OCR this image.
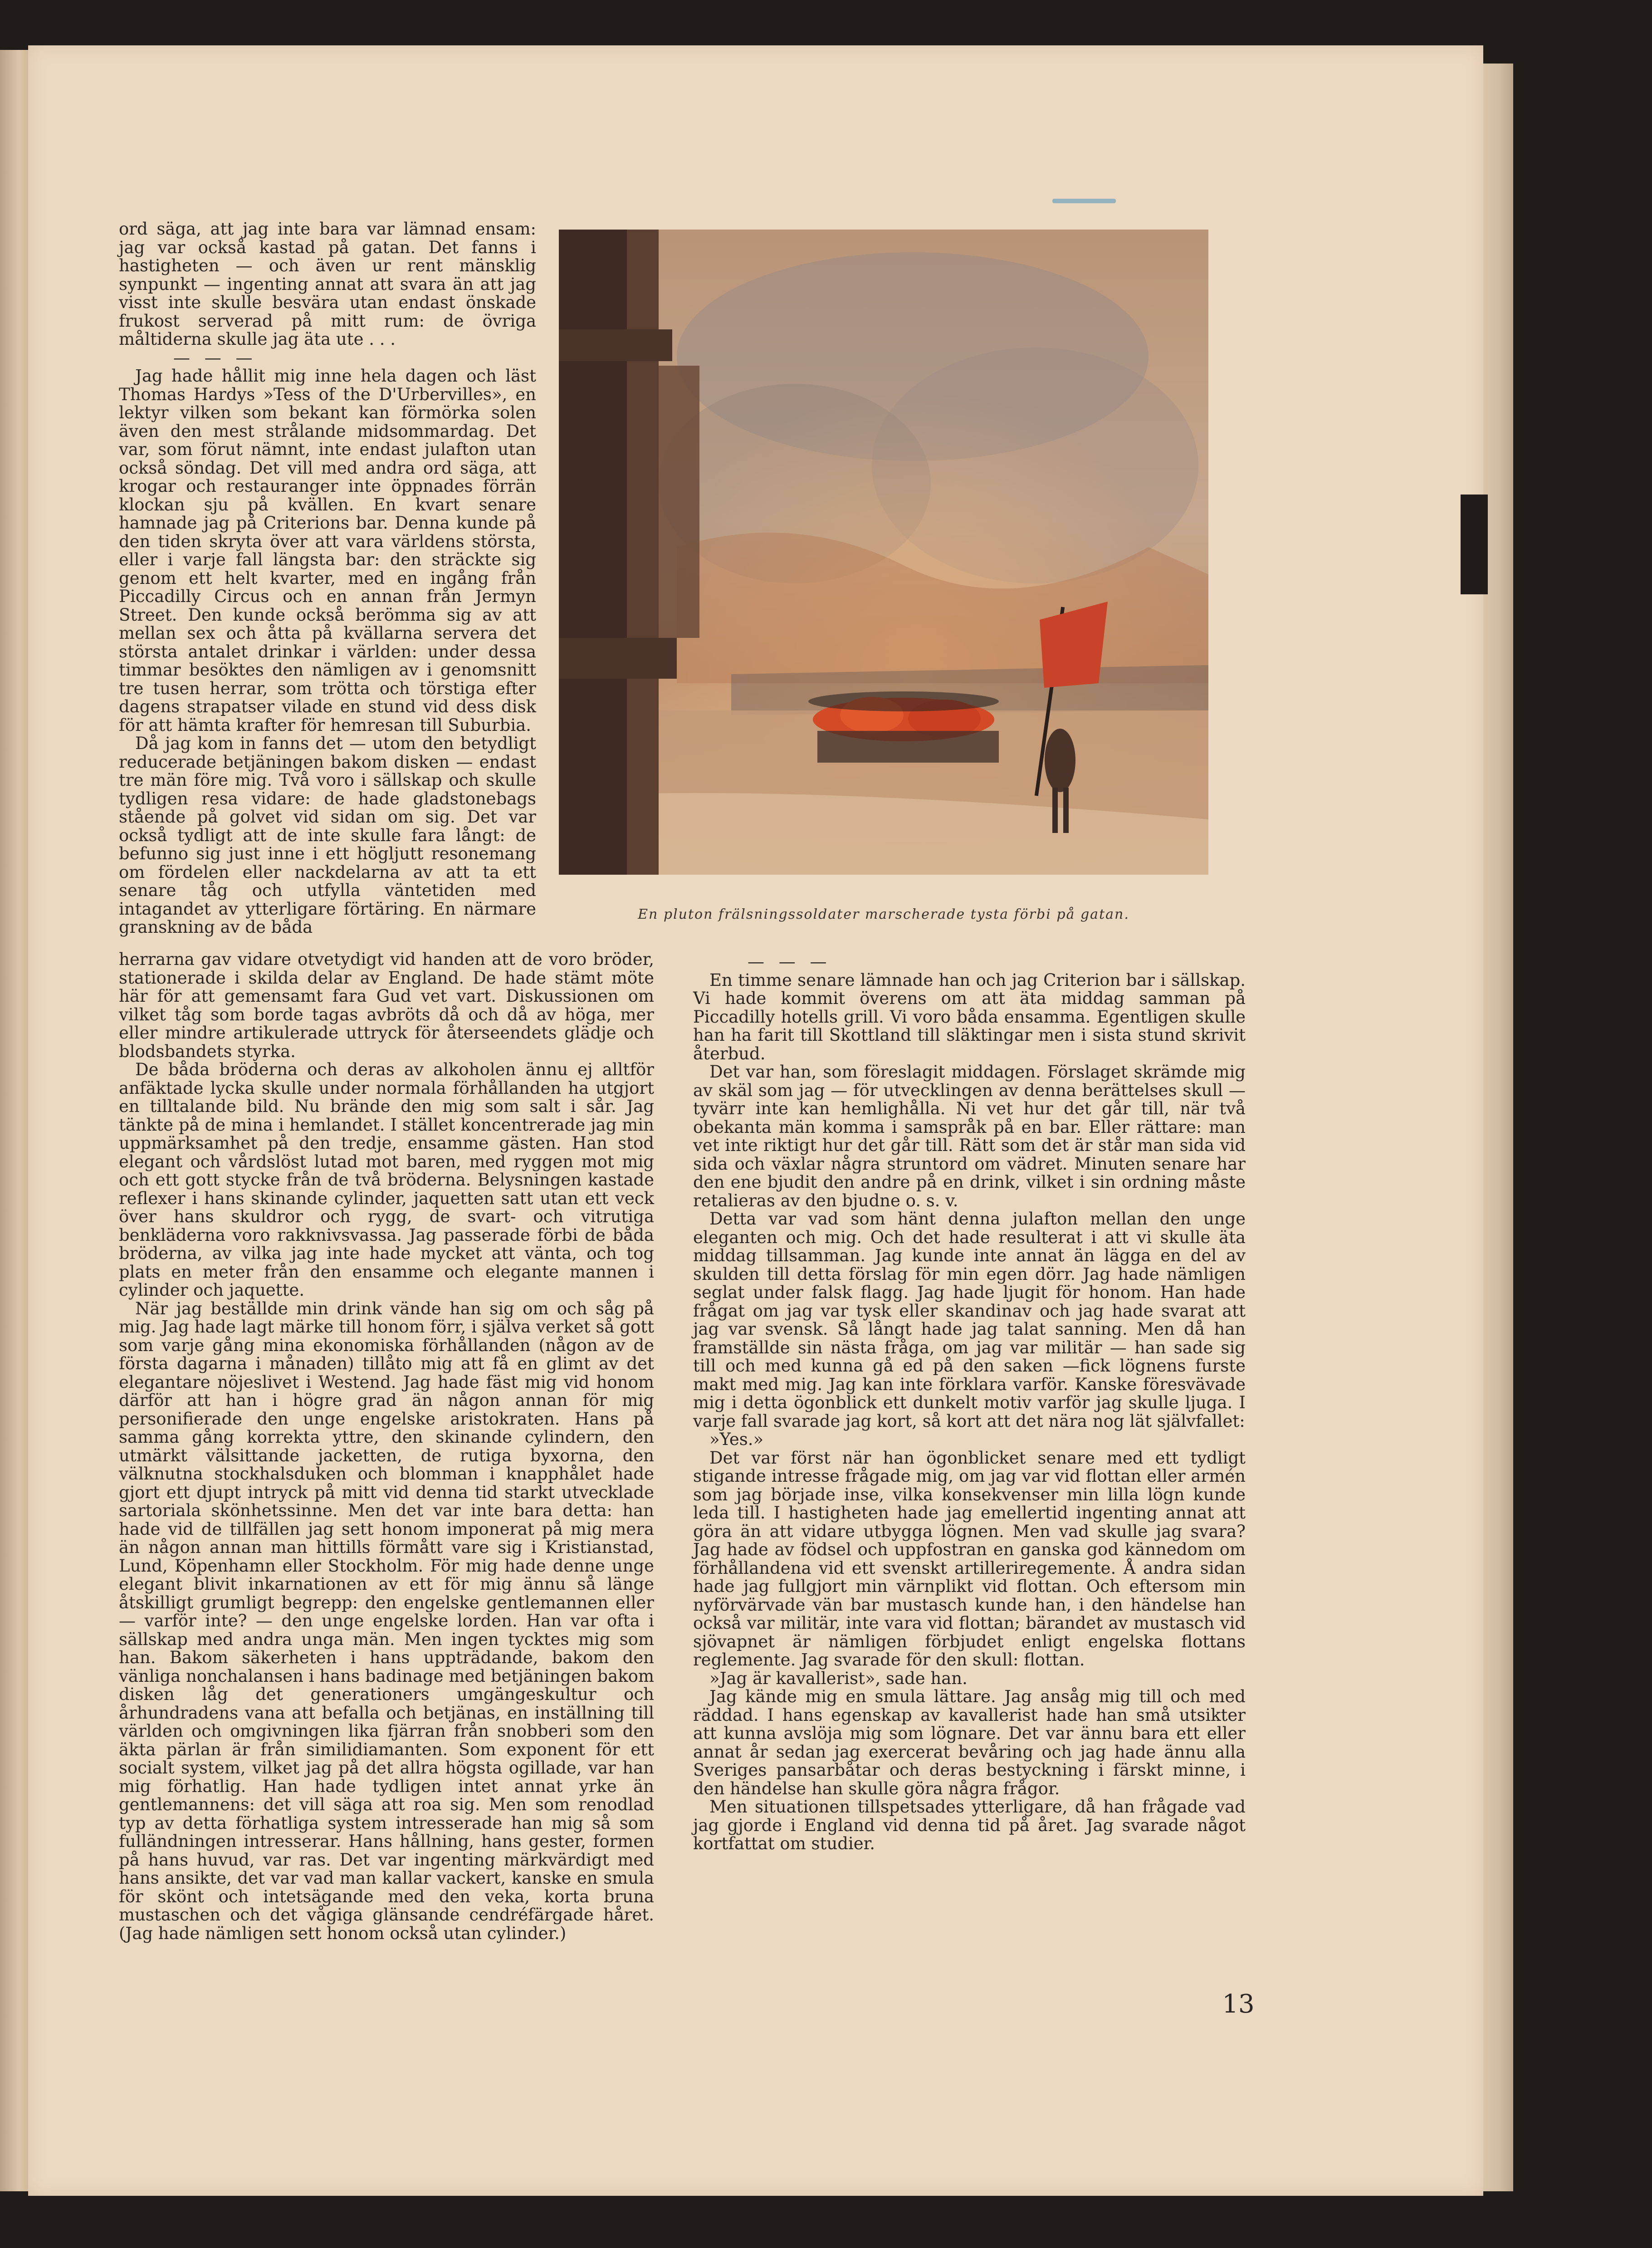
ord säga, att jag inte bara var lämnad ensam: jag var också kastad på gatan. Det fanns i hastigheten — och även ur rent mänsklig synpunkt — ingenting annat att svara än att jag visst inte skulle besvära utan endast önskade frukost serverad på mitt rum: de övriga måltiderna skulle jag äta ute . . .

— — —

Jag hade hållit mig inne hela dagen och läst Thomas Hardys »Tess of the D'Urbervilles», en lektyr vilken som bekant kan förmörka solen även den mest strålande midsommardag. Det var, som förut nämnt, inte endast julafton utan också söndag. Det vill med andra ord säga, att krogar och restauranger inte öppnades förrän klockan sju på kvällen. En kvart senare hamnade jag på Criterions bar. Denna kunde på den tiden skryta över att vara världens största, eller i varje fall längsta bar: den sträckte sig genom ett helt kvarter, med en ingång från Piccadilly Circus och en annan från Jermyn Street. Den kunde också berömma sig av att mellan sex och åtta på kvällarna servera det största antalet drinkar i världen: under dessa timmar besöktes den nämligen av i genomsnitt tre tusen herrar, som trötta och törstiga efter dagens strapatser vilade en stund vid dess disk för att hämta krafter för hemresan till Suburbia.

Då jag kom in fanns det — utom den betydligt reducerade betjäningen bakom disken — endast tre män före mig. Två voro i sällskap och skulle tydligen resa vidare: de hade gladstonebags stående på golvet vid sidan om sig. Det var också tydligt att de inte skulle fara långt: de befunno sig just inne i ett högljutt resonemang om fördelen eller nackdelarna av att ta ett senare tåg och utfylla väntetiden med intagandet av ytterligare förtäring. En närmare granskning av de båda

En pluton frälsningssoldater marscherade tysta förbi på gatan.

herrarna gav vidare otvetydigt vid handen att de voro bröder, stationerade i skilda delar av England. De hade stämt möte här för att gemensamt fara Gud vet vart. Diskussionen om vilket tåg som borde tagas avbröts då och då av höga, mer eller mindre artikulerade uttryck för återseendets glädje och blodsbandets styrka.

De båda bröderna och deras av alkoholen ännu ej alltför anfäktade lycka skulle under normala förhållanden ha utgjort en tilltalande bild. Nu brände den mig som salt i sår. Jag tänkte på de mina i hemlandet. I stället koncentrerade jag min uppmärksamhet på den tredje, ensamme gästen. Han stod elegant och vårdslöst lutad mot baren, med ryggen mot mig och ett gott stycke från de två bröderna. Belysningen kastade reflexer i hans skinande cylinder, jaquetten satt utan ett veck över hans skuldror och rygg, de svart- och vitrutiga benkläderna voro rakknivsvassa. Jag passerade förbi de båda bröderna, av vilka jag inte hade mycket att vänta, och tog plats en meter från den ensamme och elegante mannen i cylinder och jaquette.

När jag beställde min drink vände han sig om och såg på mig. Jag hade lagt märke till honom förr, i själva verket så gott som varje gång mina ekonomiska förhållanden (någon av de första dagarna i månaden) tillåto mig att få en glimt av det elegantare nöjeslivet i Westend. Jag hade fäst mig vid honom därför att han i högre grad än någon annan för mig personifierade den unge engelske aristokraten. Hans på samma gång korrekta yttre, den skinande cylindern, den utmärkt välsittande jacketten, de rutiga byxorna, den välknutna stockhalsduken och blomman i knapphålet hade gjort ett djupt intryck på mitt vid denna tid starkt utvecklade sartoriala skönhetssinne. Men det var inte bara detta: han hade vid de tillfällen jag sett honom imponerat på mig mera än någon annan man hittills förmått vare sig i Kristianstad, Lund, Köpenhamn eller Stockholm. För mig hade denne unge elegant blivit inkarnationen av ett för mig ännu så länge åtskilligt grumligt begrepp: den engelske gentlemannen eller — varför inte? — den unge engelske lorden. Han var ofta i sällskap med andra unga män. Men ingen tycktes mig som han. Bakom säkerheten i hans uppträdande, bakom den vänliga nonchalansen i hans badinage med betjäningen bakom disken låg det generationers umgängeskultur och århundradens vana att befalla och betjänas, en inställning till världen och omgivningen lika fjärran från snobberi som den äkta pärlan är från similidiamanten. Som exponent för ett socialt system, vilket jag på det allra högsta ogillade, var han mig förhatlig. Han hade tydligen intet annat yrke än gentlemannens: det vill säga att roa sig. Men som renodlad typ av detta förhatliga system intresserade han mig så som fulländningen intresserar. Hans hållning, hans gester, formen på hans huvud, var ras. Det var ingenting märkvärdigt med hans ansikte, det var vad man kallar vackert, kanske en smula för skönt och intetsägande med den veka, korta bruna mustaschen och det vågiga glänsande cendréfärgade håret. (Jag hade nämligen sett honom också utan cylinder.)

— — —

En timme senare lämnade han och jag Criterion bar i sällskap. Vi hade kommit överens om att äta middag samman på Piccadilly hotells grill. Vi voro båda ensamma. Egentligen skulle han ha farit till Skottland till släktingar men i sista stund skrivit återbud.

Det var han, som föreslagit middagen. Förslaget skrämde mig av skäl som jag — för utvecklingen av denna berättelses skull — tyvärr inte kan hemlighålla. Ni vet hur det går till, när två obekanta män komma i samspråk på en bar. Eller rättare: man vet inte riktigt hur det går till. Rätt som det är står man sida vid sida och växlar några struntord om vädret. Minuten senare har den ene bjudit den andre på en drink, vilket i sin ordning måste retalieras av den bjudne o. s. v.

Detta var vad som hänt denna julafton mellan den unge eleganten och mig. Och det hade resulterat i att vi skulle äta middag tillsamman. Jag kunde inte annat än lägga en del av skulden till detta förslag för min egen dörr. Jag hade nämligen seglat under falsk flagg. Jag hade ljugit för honom. Han hade frågat om jag var tysk eller skandinav och jag hade svarat att jag var svensk. Så långt hade jag talat sanning. Men då han framställde sin nästa fråga, om jag var militär — han sade sig till och med kunna gå ed på den saken —fick lögnens furste makt med mig. Jag kan inte förklara varför. Kanske föresvävade mig i detta ögonblick ett dunkelt motiv varför jag skulle ljuga. I varje fall svarade jag kort, så kort att det nära nog lät självfallet:

»Yes.»

Det var först när han ögonblicket senare med ett tydligt stigande intresse frågade mig, om jag var vid flottan eller armén som jag började inse, vilka konsekvenser min lilla lögn kunde leda till. I hastigheten hade jag emellertid ingenting annat att göra än att vidare utbygga lögnen. Men vad skulle jag svara? Jag hade av födsel och uppfostran en ganska god kännedom om förhållandena vid ett svenskt artilleriregemente. Å andra sidan hade jag fullgjort min värnplikt vid flottan. Och eftersom min nyförvärvade vän bar mustasch kunde han, i den händelse han också var militär, inte vara vid flottan; bärandet av mustasch vid sjövapnet är nämligen förbjudet enligt engelska flottans reglemente. Jag svarade för den skull: flottan.

»Jag är kavallerist», sade han.

Jag kände mig en smula lättare. Jag ansåg mig till och med räddad. I hans egenskap av kavallerist hade han små utsikter att kunna avslöja mig som lögnare. Det var ännu bara ett eller annat år sedan jag exercerat bevåring och jag hade ännu alla Sveriges pansarbåtar och deras bestyckning i färskt minne, i den händelse han skulle göra några frågor.

Men situationen tillspetsades ytterligare, då han frågade vad jag gjorde i England vid denna tid på året. Jag svarade något kortfattat om studier.

13
